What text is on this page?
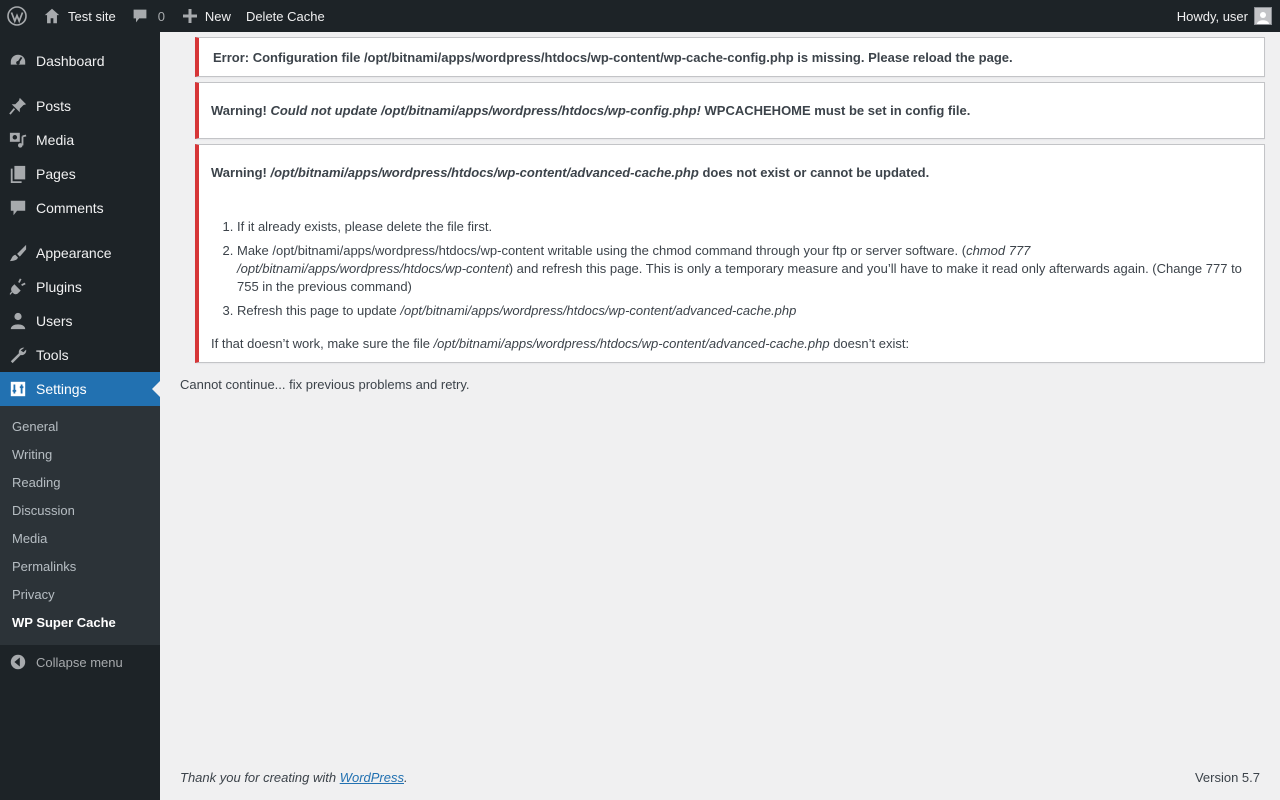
Test site	0	New Delete Cache	Howdy, user
Dashboard
Posts
Media
Pages
Comments
Appearance
Plugins
Users
Tools
Settings
General
Writing
Reading
Discussion
Media
Permalinks
Privacy
WP Super Cache
Collapse menu

Error: Configuration file /opt/bitnami/apps/wordpress/htdocs/wp-content/wp-cache-config.php is missing. Please reload the page.

Warning! Could not update /opt/bitnami/apps/wordpress/htdocs/wp-config.php! WPCACHEHOME must be set in config file.

Warning! /opt/bitnami/apps/wordpress/htdocs/wp-content/advanced-cache.php does not exist or cannot be updated.

1. If it already exists, please delete the file first.
2. Make /opt/bitnami/apps/wordpress/htdocs/wp-content writable using the chmod command through your ftp or server software. (chmod 777 /opt/bitnami/apps/wordpress/htdocs/wp-content) and refresh this page. This is only a temporary measure and you’ll have to make it read only afterwards again. (Change 777 to 755 in the previous command)
3. Refresh this page to update /opt/bitnami/apps/wordpress/htdocs/wp-content/advanced-cache.php

If that doesn’t work, make sure the file /opt/bitnami/apps/wordpress/htdocs/wp-content/advanced-cache.php doesn’t exist:

Cannot continue... fix previous problems and retry.

Thank you for creating with WordPress.	Version 5.7
